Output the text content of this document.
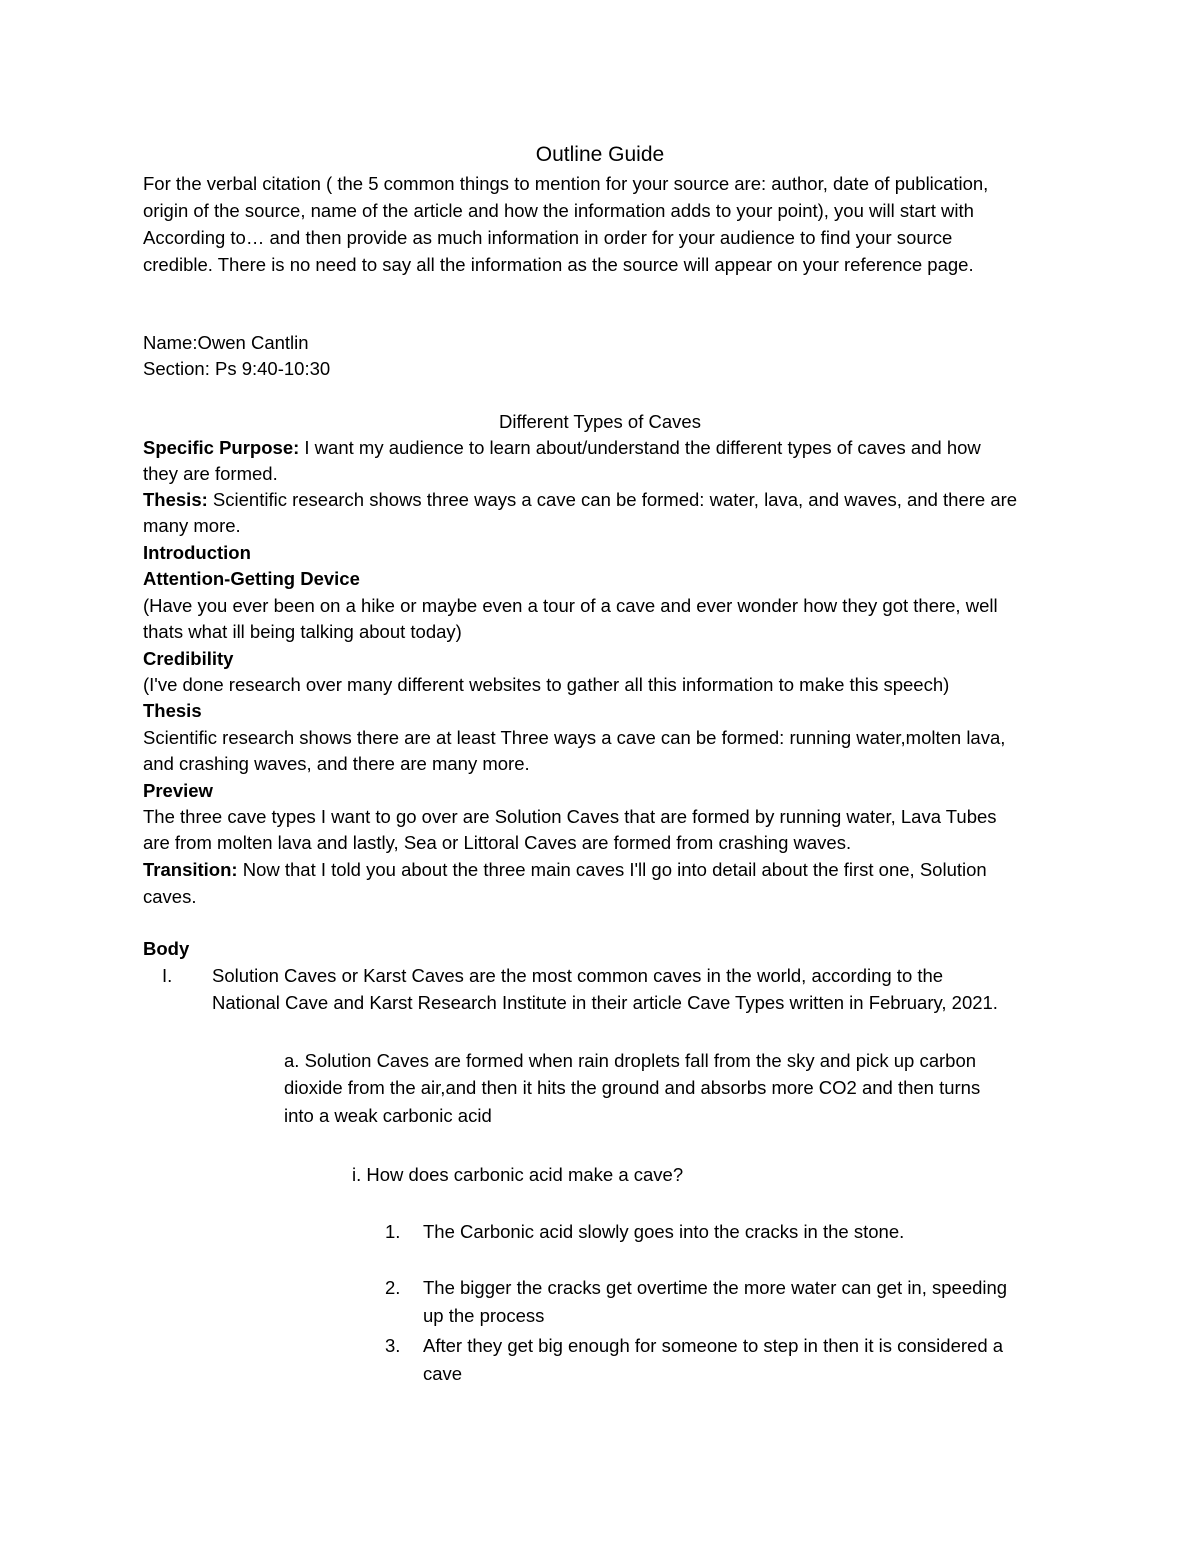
Outline Guide
For the verbal citation ( the 5 common things to mention for your source are: author, date of publication,
origin of the source, name of the article and how the information adds to your point), you will start with
According to… and then provide as much information in order for your audience to find your source
credible. There is no need to say all the information as the source will appear on your reference page.
Name:Owen Cantlin
Section: Ps 9:40-10:30
Different Types of Caves
Specific Purpose: I want my audience to learn about/understand the different types of caves and how
they are formed.
Thesis: Scientific research shows three ways a cave can be formed: water, lava, and waves, and there are
many more.
Introduction
Attention-Getting Device
(Have you ever been on a hike or maybe even a tour of a cave and ever wonder how they got there, well
thats what ill being talking about today)
Credibility
(I've done research over many different websites to gather all this information to make this speech)
Thesis
Scientific research shows there are at least Three ways a cave can be formed: running water,molten lava,
and crashing waves, and there are many more.
Preview
The three cave types I want to go over are Solution Caves that are formed by running water, Lava Tubes
are from molten lava and lastly, Sea or Littoral Caves are formed from crashing waves.
Transition: Now that I told you about the three main caves I'll go into detail about the first one, Solution
caves.
Body
I. Solution Caves or Karst Caves are the most common caves in the world, according to the
National Cave and Karst Research Institute in their article Cave Types written in February, 2021.
a. Solution Caves are formed when rain droplets fall from the sky and pick up carbon
dioxide from the air,and then it hits the ground and absorbs more CO2 and then turns
into a weak carbonic acid
i. How does carbonic acid make a cave?
1. The Carbonic acid slowly goes into the cracks in the stone.
2. The bigger the cracks get overtime the more water can get in, speeding
up the process
3. After they get big enough for someone to step in then it is considered a
cave
